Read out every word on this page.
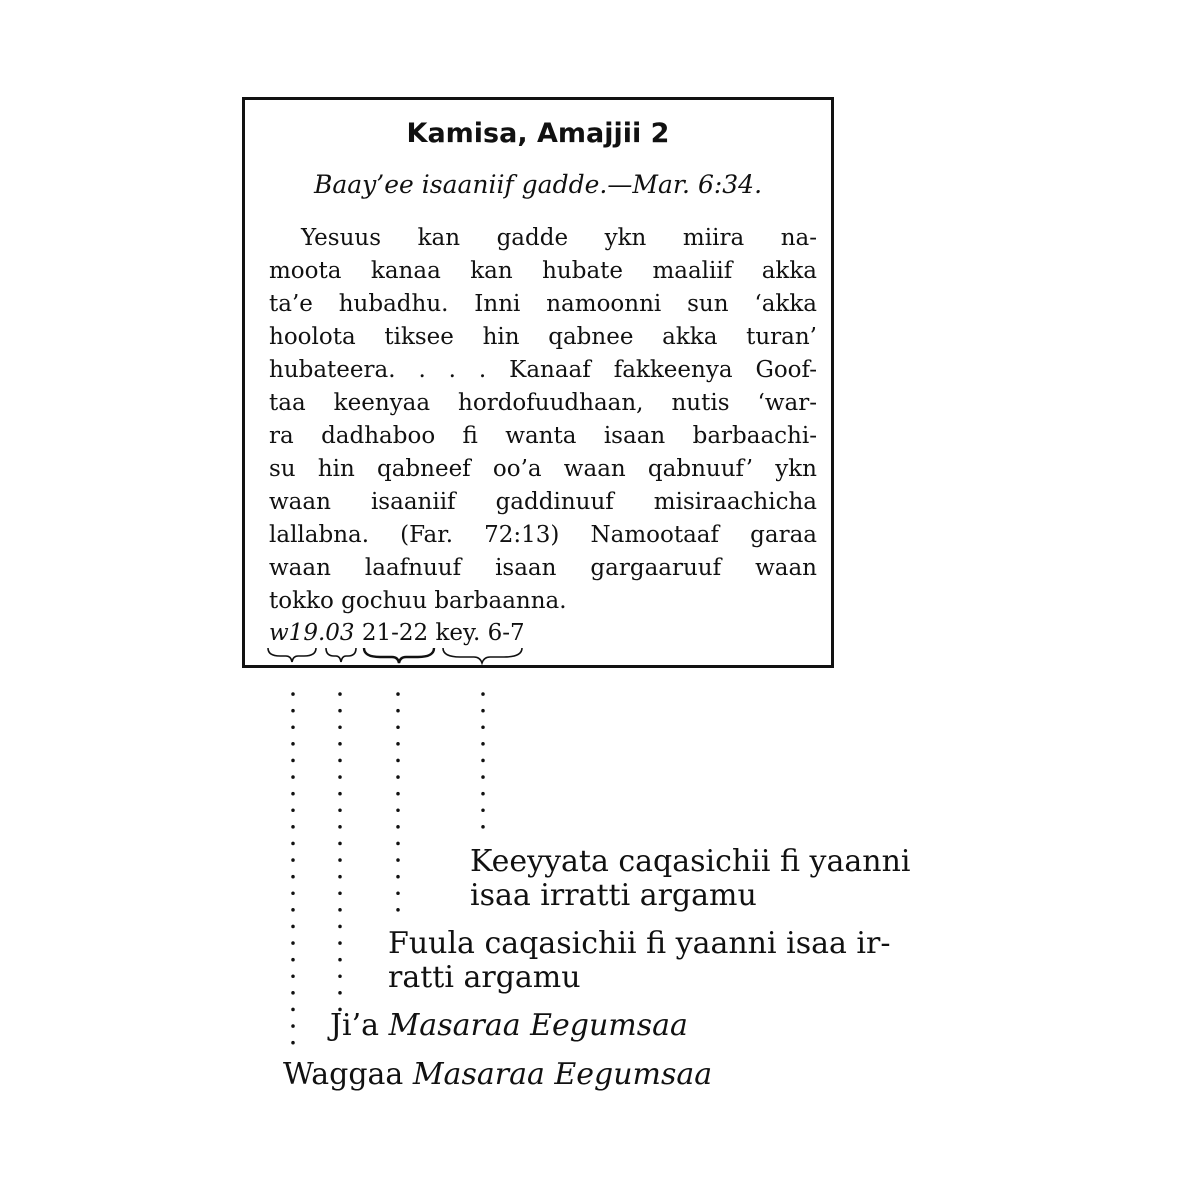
Kamisa, Amajjii 2
Baay’ee isaaniif gadde.—Mar. 6:34.
Yesuus kan gadde ykn miira na-
moota kanaa kan hubate maaliif akka
ta’e hubadhu. Inni namoonni sun ‘akka
hoolota tiksee hin qabnee akka turan’
hubateera. . . . Kanaaf fakkeenya Goof-
taa keenyaa hordofuudhaan, nutis ‘war-
ra dadhaboo fi wanta isaan barbaachi-
su hin qabneef oo’a waan qabnuuf’ ykn
waan isaaniif gaddinuuf misiraachicha
lallabna. (Far. 72:13) Namootaaf garaa
waan laafnuuf isaan gargaaruuf waan
tokko gochuu barbaanna.
w19.03 21-22 key. 6-7
Keeyyata caqasichii fi yaanni
isaa irratti argamu
Fuula caqasichii fi yaanni isaa ir-
ratti argamu
Ji’a Masaraa Eegumsaa
Waggaa Masaraa Eegumsaa
